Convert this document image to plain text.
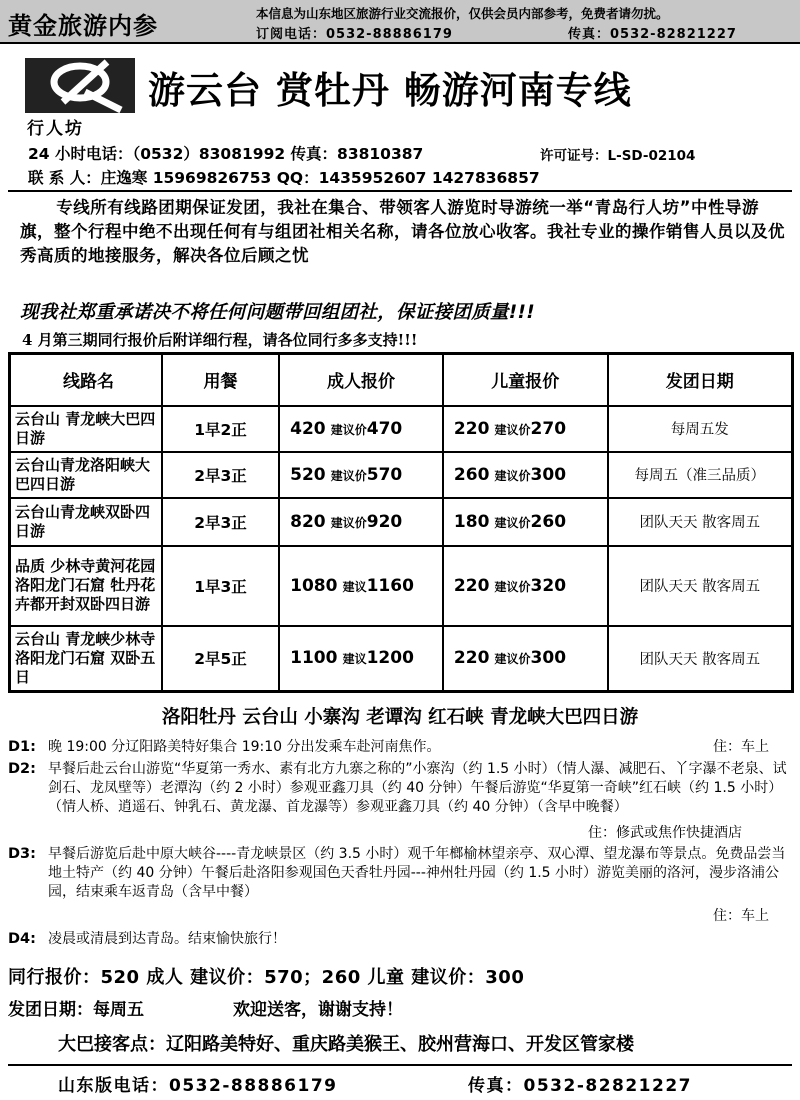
黄金旅游内参	本信息为山东地区旅游行业交流报价，仅供会员内部参考，免费者请勿扰。
订阅电话：0532-88886179	传真：0532-82821227
行人坊
游云台 赏牡丹 畅游河南专线
24 小时电话：（0532）83081992 传真：83810387	许可证号：L-SD-02104
联 系 人：庄逸寒 15969826753 QQ：1435952607 1427836857
专线所有线路团期保证发团，我社在集合、带领客人游览时导游统一举“青岛行人坊”中性导游旗，整个行程中绝不出现任何有与组团社相关名称，请各位放心收客。我社专业的操作销售人员以及优秀高质的地接服务，解决各位后顾之忧
现我社郑重承诺决不将任何问题带回组团社，保证接团质量!!!
4 月第三期同行报价后附详细行程，请各位同行多多支持!!!
线路名	用餐	成人报价	儿童报价	发团日期
云台山 青龙峡大巴四日游	1早2正	420 建议价470	220 建议价270	每周五发
云台山青龙洛阳峡大巴四日游	2早3正	520 建议价570	260 建议价300	每周五（准三品质）
云台山青龙峡双卧四日游	2早3正	820 建议价920	180 建议价260	团队天天 散客周五
品质 少林寺黄河花园 洛阳龙门石窟 牡丹花卉都开封双卧四日游	1早3正	1080 建议1160	220 建议价320	团队天天 散客周五
云台山 青龙峡少林寺 洛阳龙门石窟 双卧五日	2早5正	1100 建议1200	220 建议价300	团队天天 散客周五
洛阳牡丹 云台山 小寨沟 老谭沟 红石峡 青龙峡大巴四日游
D1: 晚 19:00 分辽阳路美特好集合 19:10 分出发乘车赴河南焦作。	住：车上
D2: 早餐后赴云台山游览“华夏第一秀水、素有北方九寨之称的”小寨沟（约 1.5 小时）（情人瀑、减肥石、丫字瀑不老泉、试剑石、龙凤壁等）老潭沟（约 2 小时）参观亚鑫刀具（约 40 分钟）午餐后游览“华夏第一奇峡”红石峡（约 1.5 小时）（情人桥、逍遥石、钟乳石、黄龙瀑、首龙瀑等）参观亚鑫刀具（约 40 分钟）（含早中晚餐）
住：修武或焦作快捷酒店
D3: 早餐后游览后赴中原大峡谷----青龙峡景区（约 3.5 小时）观千年榔榆林望亲亭、双心潭、望龙瀑布等景点。免费品尝当地土特产（约 40 分钟）午餐后赴洛阳参观国色天香牡丹园---神州牡丹园（约 1.5 小时）游览美丽的洛河，漫步洛浦公园，结束乘车返青岛（含早中餐）
住：车上
D4: 凌晨或清晨到达青岛。结束愉快旅行！
同行报价：520 成人 建议价：570；260 儿童 建议价：300
发团日期：每周五	欢迎送客，谢谢支持！
大巴接客点：辽阳路美特好、重庆路美猴王、胶州营海口、开发区管家楼
山东版电话：0532-88886179	传真：0532-82821227
